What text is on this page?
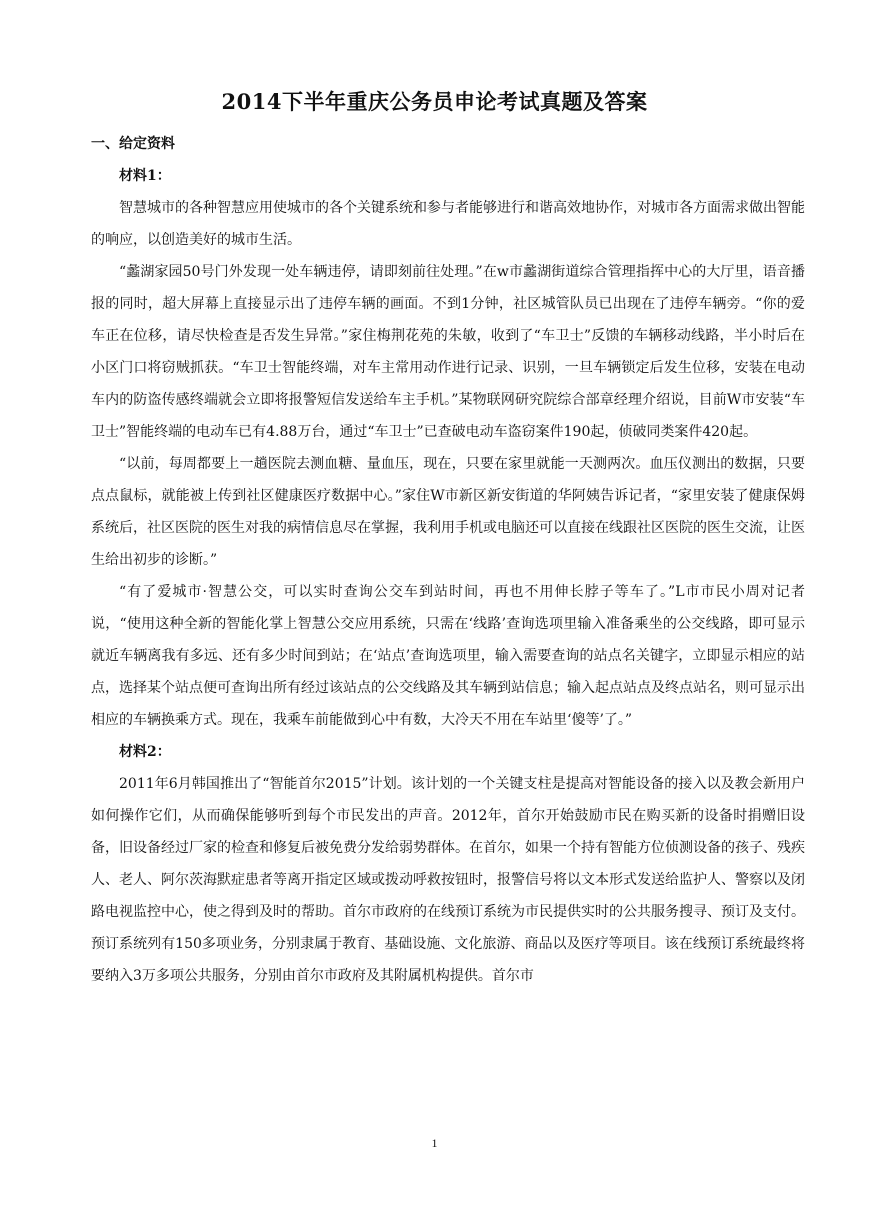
2014下半年重庆公务员申论考试真题及答案
一、给定资料
材料1：

智慧城市的各种智慧应用使城市的各个关键系统和参与者能够进行和谐高效地协作，对城市各方面需求做出智能的响应，以创造美好的城市生活。

“蠡湖家园50号门外发现一处车辆违停，请即刻前往处理。”在w市蠡湖街道综合管理指挥中心的大厅里，语音播报的同时，超大屏幕上直接显示出了违停车辆的画面。不到1分钟，社区城管队员已出现在了违停车辆旁。“你的爱车正在位移，请尽快检查是否发生异常。”家住梅荆花苑的朱敏，收到了“车卫士”反馈的车辆移动线路，半小时后在小区门口将窃贼抓获。“车卫士智能终端，对车主常用动作进行记录、识别，一旦车辆锁定后发生位移，安装在电动车内的防盗传感终端就会立即将报警短信发送给车主手机。”某物联网研究院综合部章经理介绍说，目前W市安装“车卫士”智能终端的电动车已有4.88万台，通过“车卫士”已查破电动车盗窃案件190起，侦破同类案件420起。

“以前，每周都要上一趟医院去测血糖、量血压，现在，只要在家里就能一天测两次。血压仪测出的数据，只要点点鼠标，就能被上传到社区健康医疗数据中心。”家住W市新区新安街道的华阿姨告诉记者，“家里安装了健康保姆系统后，社区医院的医生对我的病情信息尽在掌握，我利用手机或电脑还可以直接在线跟社区医院的医生交流，让医生给出初步的诊断。”

“有了爱城市·智慧公交，可以实时查询公交车到站时间，再也不用伸长脖子等车了。”L市市民小周对记者说，“使用这种全新的智能化掌上智慧公交应用系统，只需在‘线路’查询选项里输入准备乘坐的公交线路，即可显示就近车辆离我有多远、还有多少时间到站；在‘站点’查询选项里，输入需要查询的站点名关键字，立即显示相应的站点，选择某个站点便可查询出所有经过该站点的公交线路及其车辆到站信息；输入起点站点及终点站名，则可显示出相应的车辆换乘方式。现在，我乘车前能做到心中有数，大冷天不用在车站里‘傻等’了。”

材料2：

2011年6月韩国推出了“智能首尔2015”计划。该计划的一个关键支柱是提高对智能设备的接入以及教会新用户如何操作它们，从而确保能够听到每个市民发出的声音。2012年，首尔开始鼓励市民在购买新的设备时捐赠旧设备，旧设备经过厂家的检查和修复后被免费分发给弱势群体。在首尔，如果一个持有智能方位侦测设备的孩子、残疾人、老人、阿尔茨海默症患者等离开指定区域或拨动呼救按钮时，报警信号将以文本形式发送给监护人、警察以及闭路电视监控中心，使之得到及时的帮助。首尔市政府的在线预订系统为市民提供实时的公共服务搜寻、预订及支付。预订系统列有150多项业务，分别隶属于教育、基础设施、文化旅游、商品以及医疗等项目。该在线预订系统最终将要纳入3万多项公共服务，分别由首尔市政府及其附属机构提供。首尔市

1
